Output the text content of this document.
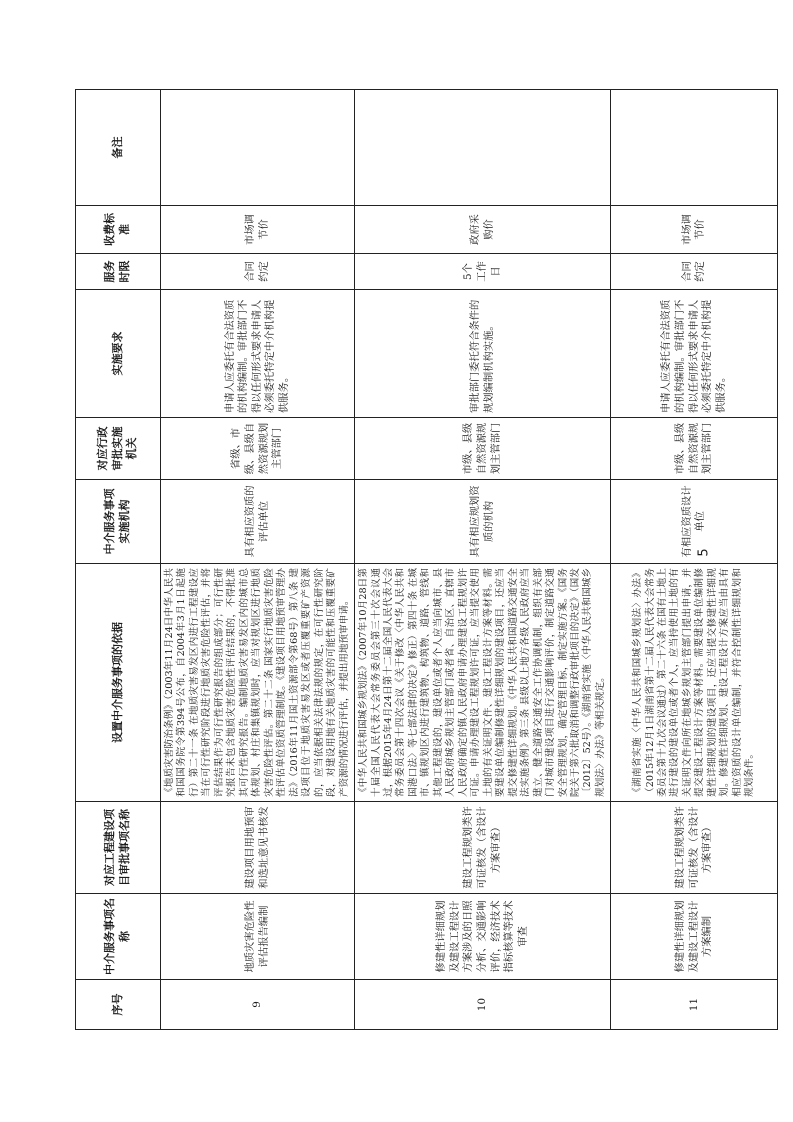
序号	中介服务事项名称	对应工程建设项目审批事项名称	设置中介服务事项的依据	中介服务事项实施机构	对应行政审批实施机关	实施要求	服务时限	收费标准	备注
9	地质灾害危险性评估报告编制	建设项目用地预审和选址意见书核发	《地质灾害防治条例》（2003年11月24日中华人民共和国国务院令第394号公布，自2004年3月1日起施行）第二十一条 在地质灾害易发区内进行工程建设应当在可行性研究阶段进行地质灾害危险性评估，并将评估结果作为可行性研究报告的组成部分；可行性研究报告未包含地质灾害危险性评估结果的，不得批准其可行性研究报告。编制地质灾害易发区内的城市总体规划、村庄和集镇规划时，应当对规划区进行地质灾害危险性评估。第二十二条 国家实行地质灾害危险性评估单位资质管理制度。《建设项目用地预审管理办法》（2016年11月国土资源部令第68号）第八条 建设项目位于地质灾害易发区或者压覆重要矿产资源的，应当依据相关法律法规的规定，在可行性研究阶段，对建设用地有关地质灾害的可能性和压覆重要矿产资源的情况进行评估，并提出用地预审申请。	具有相应资质的评估单位	省级、市级、县级自然资源规划主管部门	申请人应委托有合法资质的机构编制。审批部门不得以任何形式要求申请人必须委托特定中介机构提供服务。	合同约定	市场调节价	
10	修建性详细规划及建设工程设计方案涉及的日照分析、交通影响评价，经济技术指标核算等技术审查	建设工程规划类许可证核发（含设计方案审查）	《中华人民共和国城乡规划法》（2007年10月28日第十届全国人民代表大会常务委员会第三十次会议通过，根据2015年4月24日第十二届全国人民代表大会常务委员会第十四次会议《关于修改〈中华人民共和国港口法〉等七部法律的决定》修正）第四十条 在城市、镇规划区内进行建筑物、构筑物、道路、管线和其他工程建设的，建设单位或者个人应当向城市、县人民政府城乡规划主管部门或者省、自治区、直辖市人民政府确定的镇人民政府申请办理建设工程规划许可证。申请办理建设工程规划许可证，应当提交使用土地的有关证明文件、建设工程设计方案等材料。需要建设单位编制修建性详细规划的建设项目，还应当提交修建性详细规划。《中华人民共和国道路交通安全法实施条例》第三条 县级以上地方各级人民政府应当建立、健全道路交通安全工作协调机制，组织有关部门对城市建设项目进行交通影响评价，制定道路交通安全管理规划，确定管理目标，制定实施方案。《国务院关于第六批取消和调整行政审批项目的决定》（国发〔2012〕52号）。《湖南省实施〈中华人民共和国城乡规划法〉办法》等相关规定。	具有相应规划资质的机构	市级、县级自然资源规划主管部门	审批部门委托符合条件的规划编制机构实施。	5个工作日	政府采购价	
11	修建性详细规划及建设工程设计方案编制	建设工程规划类许可证核发（含设计方案审查）	《湖南省实施〈中华人民共和国城乡规划法〉办法》（2015年12月1日湖南省第十二届人民代表大会常务委员会第十九次会议通过）第二十六条 在国有土地上进行建设的建设单位或者个人，应当持使用土地的有关证明文件向所在地城乡规划主管部门提出申请，并提交建设工程设计方案等材料。需要建设单位编制修建性详细规划的建设项目，还应当提交修建性详细规划。修建性详细规划、建设工程设计方案应当由具有相应资质的设计单位编制，并符合控制性详细规划和规划条件。	有相应资质设计单位	市级、县级自然资源规划主管部门	申请人应委托有合法资质的机构编制。审批部门不得以任何形式要求申请人必须委托特定中介机构提供服务。	合同约定	市场调节价	
5
